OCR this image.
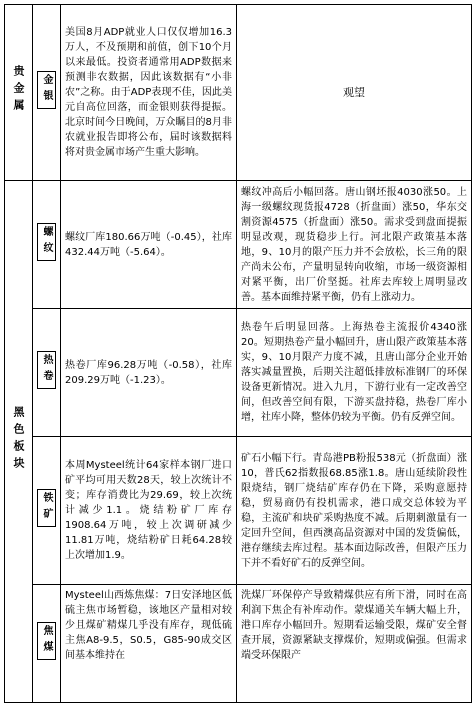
贵金属	金银	美国8月ADP就业人口仅仅增加16.3万人，不及预期和前值，创下10个月以来最低。投资者通常用ADP数据来预测非农数据，因此该数据有“小非农”之称。由于ADP表现不佳，因此美元自高位回落，而金银则获得提振。北京时间今日晚间，万众瞩目的8月非农就业报告即将公布，届时该数据料将对贵金属市场产生重大影响。	观望
黑色板块	螺纹	螺纹厂库180.66万吨（-0.45），社库432.44万吨（-5.64）。	螺纹冲高后小幅回落。唐山钢坯报4030涨50。上海一级螺纹现货报4728（折盘面）涨50，华东交割资源4575（折盘面）涨50。需求受到盘面提振明显改观，现货稳步上行。河北限产政策基本落地，9、10月的限产压力并不会放松，长三角的限产尚未公布，产量明显转向收缩，市场一级资源相对紧平衡，出厂价坚挺。社库去库较上周明显改善。基本面维持紧平衡，仍有上涨动力。
	热卷	热卷厂库96.28万吨（-0.58），社库209.29万吨（-1.23）。	热卷午后明显回落。上海热卷主流报价4340涨20。短期热卷产量小幅回升，唐山限产政策基本落实，9、10月限产力度不减，且唐山部分企业开始落实减量置换，后期关注超低排放标准钢厂的环保设备更新情况。进入九月，下游行业有一定改善空间，但改善空间有限，下游买盘持稳，热卷厂库小增，社库小降，整体仍较为平衡。仍有反弹空间。
	铁矿	本周Mysteel统计64家样本钢厂进口矿平均可用天数28天，较上次统计不变；库存消费比为29.69，较上次统计减少1.1。烧结粉矿厂库存1908.64万吨，较上次调研减少11.81万吨，烧结粉矿日耗64.28较上次增加1.9。	矿石小幅下行。青岛港PB粉报538元（折盘面）涨10，普氏62指数报68.85涨1.8。唐山延续阶段性限烧结，钢厂烧结矿库存仍在下降，采购意愿持稳，贸易商仍有投机需求，港口成交总体较为平稳，主流矿和块矿采购热度不减。后期刺激量有一定回升空间，但西澳高品资源对中国的发货偏低，港存继续去库过程。基本面边际改善，但限产压力下并不看好矿石的反弹空间。
	焦煤	Mysteel山西炼焦煤：7日安泽地区低硫主焦市场暂稳，该地区产量相对较少且煤矿精煤几乎没有库存，现低硫主焦A8-9.5，S0.5，G85-90成交区间基本维持在	洗煤厂环保停产导致精煤供应有所下滑，同时在高利润下焦企有补库动作。蒙煤通关车辆大幅上升，港口库存小幅回升。短期看运输受限，煤矿安全督查开展，资源紧缺支撑煤价，短期或偏强。但需求端受环保限产
